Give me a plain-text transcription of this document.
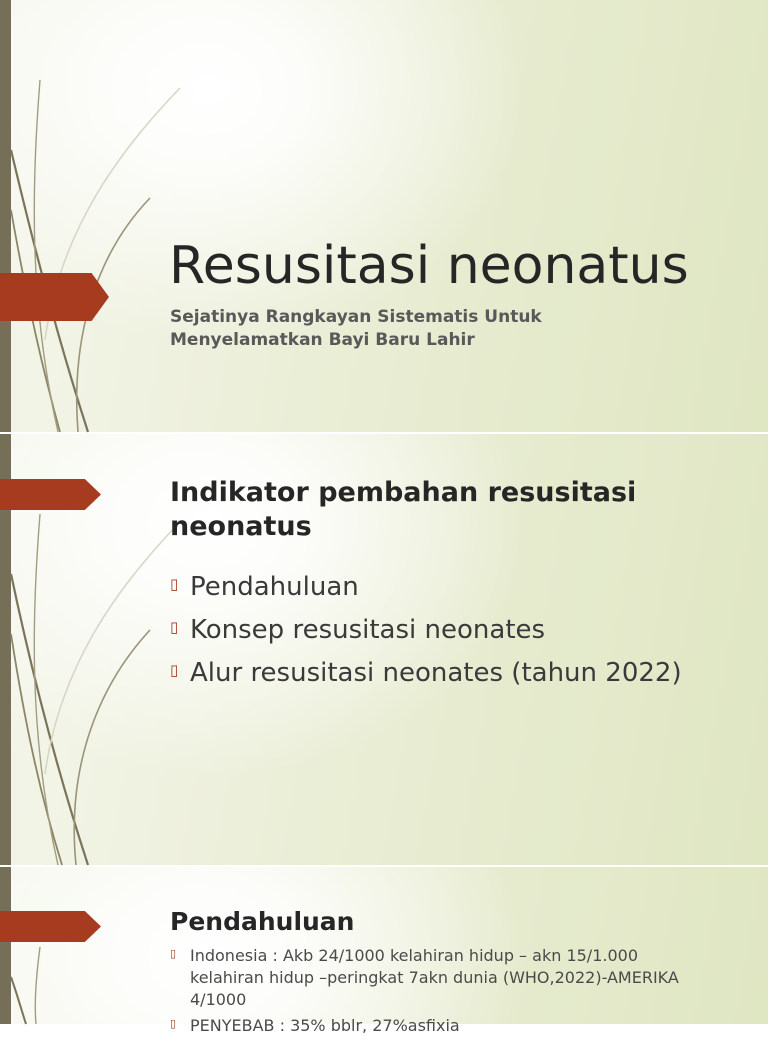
Resusitasi neonatus

Sejatinya Rangkayan Sistematis Untuk Menyelamatkan Bayi Baru Lahir

Indikator pembahan resusitasi neonatus
▯ Pendahuluan
▯ Konsep resusitasi neonates
▯ Alur resusitasi neonates (tahun 2022)
Pendahuluan
▯ Indonesia : Akb 24/1000 kelahiran hidup – akn 15/1.000 kelahiran hidup –peringkat 7akn dunia (WHO,2022)-AMERIKA 4/1000
▯ PENYEBAB : 35% bblr, 27%asfixia
